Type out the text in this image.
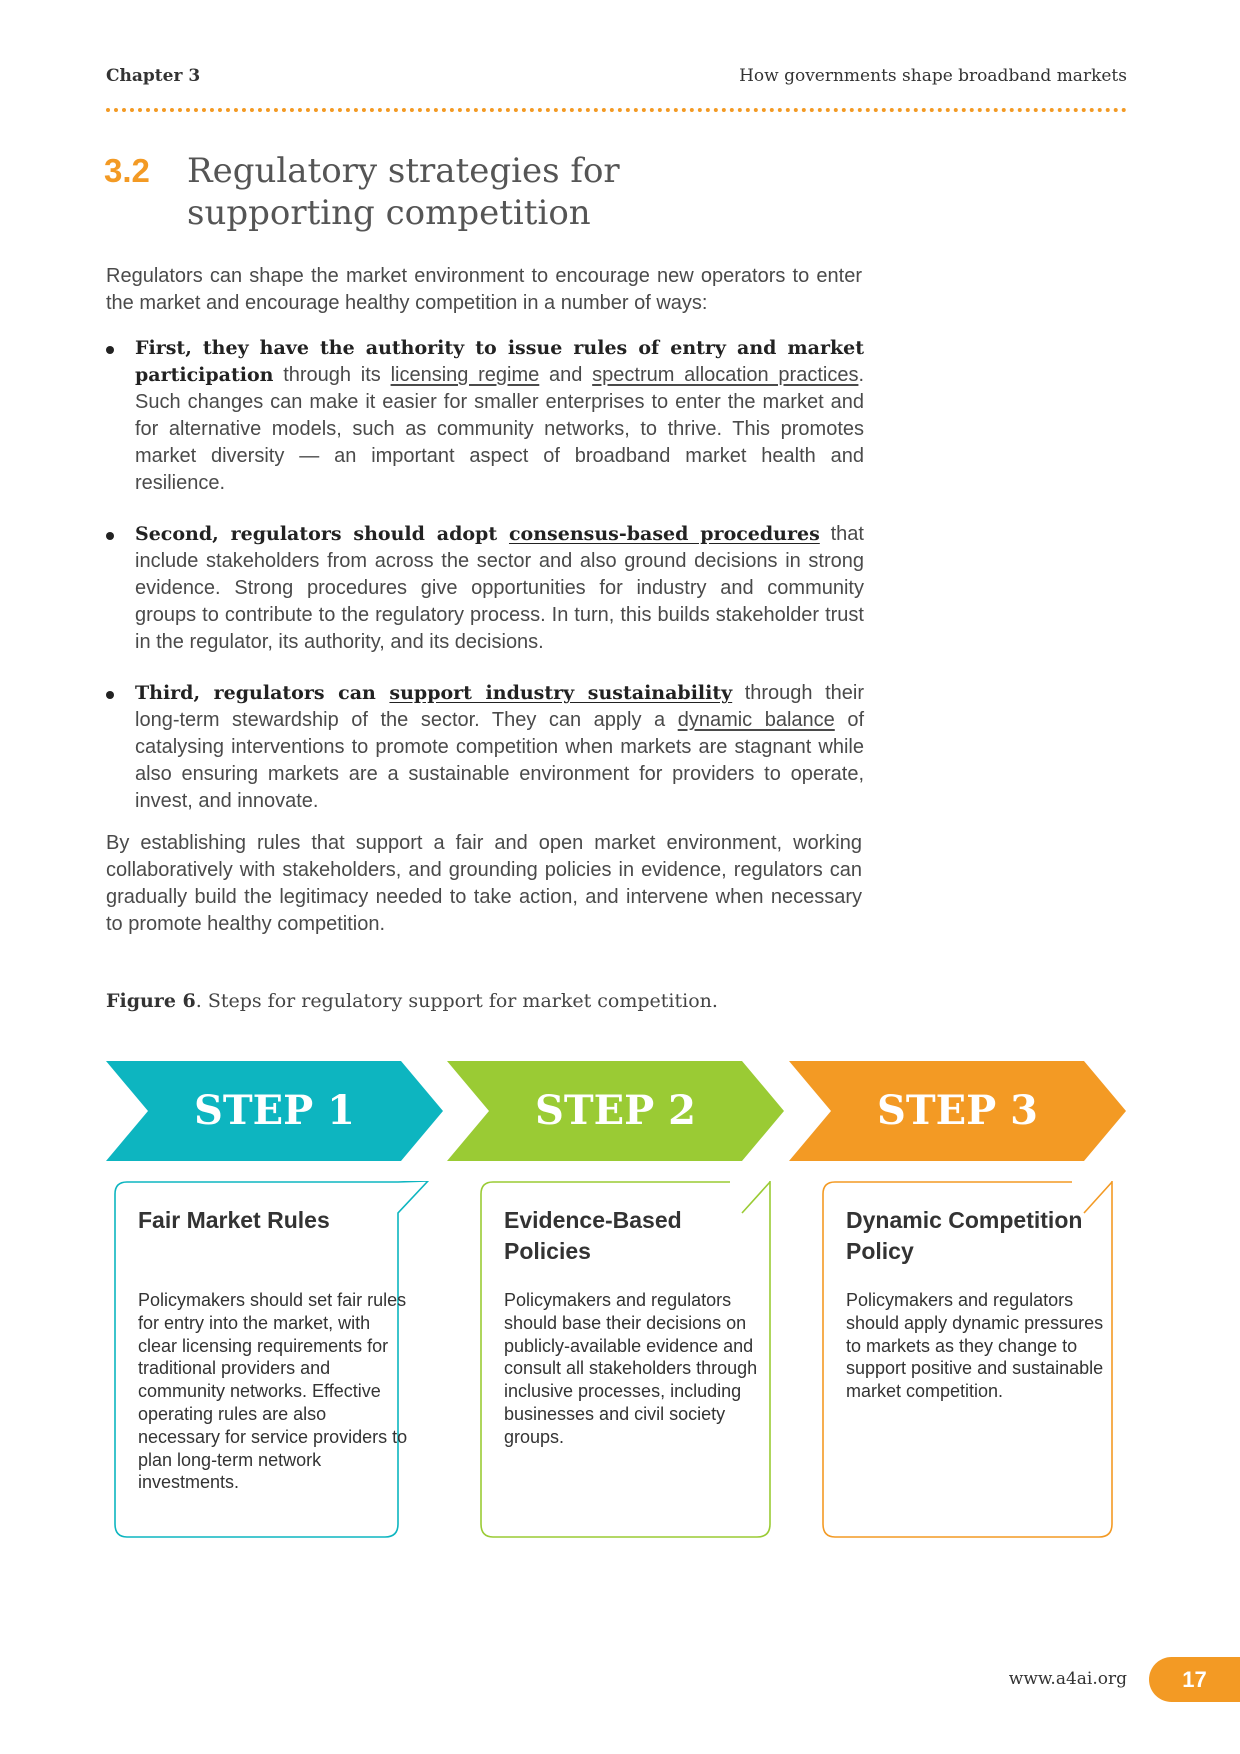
Chapter 3	How governments shape broadband markets
3.2 Regulatory strategies for supporting competition

Regulators can shape the market environment to encourage new operators to enter the market and encourage healthy competition in a number of ways:

First, they have the authority to issue rules of entry and market participation through its licensing regime and spectrum allocation practices. Such changes can make it easier for smaller enterprises to enter the market and for alternative models, such as community networks, to thrive. This promotes market diversity — an important aspect of broadband market health and resilience.
Second, regulators should adopt consensus-based procedures that include stakeholders from across the sector and also ground decisions in strong evidence. Strong procedures give opportunities for industry and community groups to contribute to the regulatory process. In turn, this builds stakeholder trust in the regulator, its authority, and its decisions.
Third, regulators can support industry sustainability through their long-term stewardship of the sector. They can apply a dynamic balance of catalysing interventions to promote competition when markets are stagnant while also ensuring markets are a sustainable environment for providers to operate, invest, and innovate.

By establishing rules that support a fair and open market environment, working collaboratively with stakeholders, and grounding policies in evidence, regulators can gradually build the legitimacy needed to take action, and intervene when necessary to promote healthy competition.

Figure 6. Steps for regulatory support for market competition.
STEP 1
Fair Market Rules

Policymakers should set fair rules for entry into the market, with clear licensing requirements for traditional providers and community networks. Effective operating rules are also necessary for service providers to plan long-term network investments.

STEP 2
Evidence-Based Policies

Policymakers and regulators should base their decisions on publicly-available evidence and consult all stakeholders through inclusive processes, including businesses and civil society groups.

STEP 3
Dynamic Competition Policy

Policymakers and regulators should apply dynamic pressures to markets as they change to support positive and sustainable market competition.

www.a4ai.org	17
